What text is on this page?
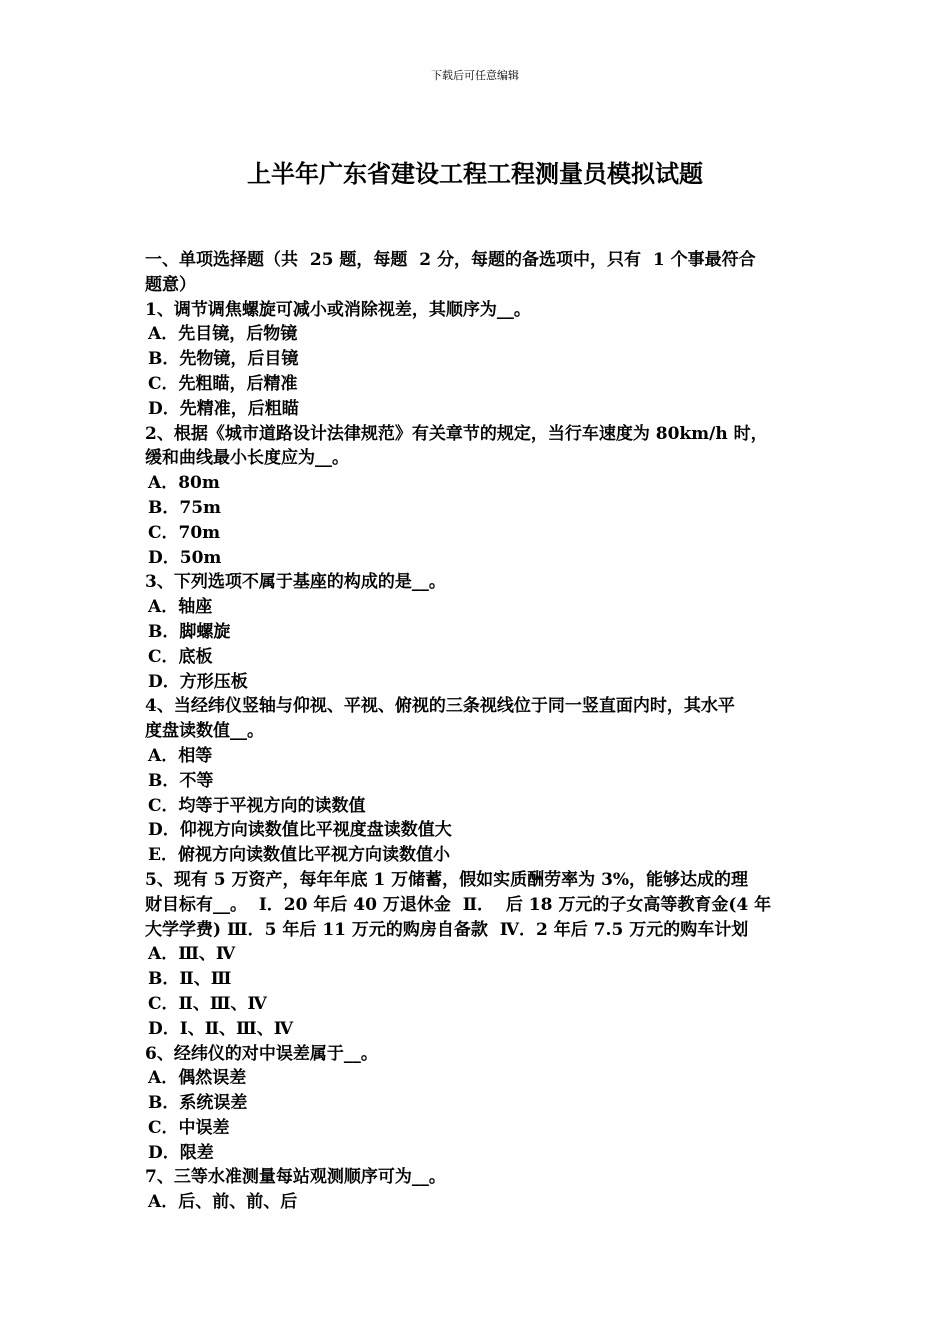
下载后可任意编辑
上半年广东省建设工程工程测量员模拟试题
一、单项选择题（共  25 题，每题  2 分，每题的备选项中，只有  1 个事最符合
题意）
1、调节调焦螺旋可减小或消除视差，其顺序为__。
A．先目镜，后物镜
B．先物镜，后目镜
C．先粗瞄，后精准
D．先精准，后粗瞄
2、根据《城市道路设计法律规范》有关章节的规定，当行车速度为 80km/h 时，
缓和曲线最小长度应为__。
A．80m
B．75m
C．70m
D．50m
3、下列选项不属于基座的构成的是__。
A．轴座
B．脚螺旋
C．底板
D．方形压板
4、当经纬仪竖轴与仰视、平视、俯视的三条视线位于同一竖直面内时，其水平
度盘读数值__。
A．相等
B．不等
C．均等于平视方向的读数值
D．仰视方向读数值比平视度盘读数值大
E．俯视方向读数值比平视方向读数值小
5、现有 5 万资产，每年年底 1 万储蓄，假如实质酬劳率为 3%，能够达成的理
财目标有__。  Ⅰ．20 年后 40 万退休金  Ⅱ．  后 18 万元的子女高等教育金(4 年
大学学费) Ⅲ．5 年后 11 万元的购房自备款  Ⅳ．2 年后 7.5 万元的购车计划
A．Ⅲ、Ⅳ
B．Ⅱ、Ⅲ
C．Ⅱ、Ⅲ、Ⅳ
D．Ⅰ、Ⅱ、Ⅲ、Ⅳ
6、经纬仪的对中误差属于__。
A．偶然误差
B．系统误差
C．中误差
D．限差
7、三等水准测量每站观测顺序可为__。
A．后、前、前、后
